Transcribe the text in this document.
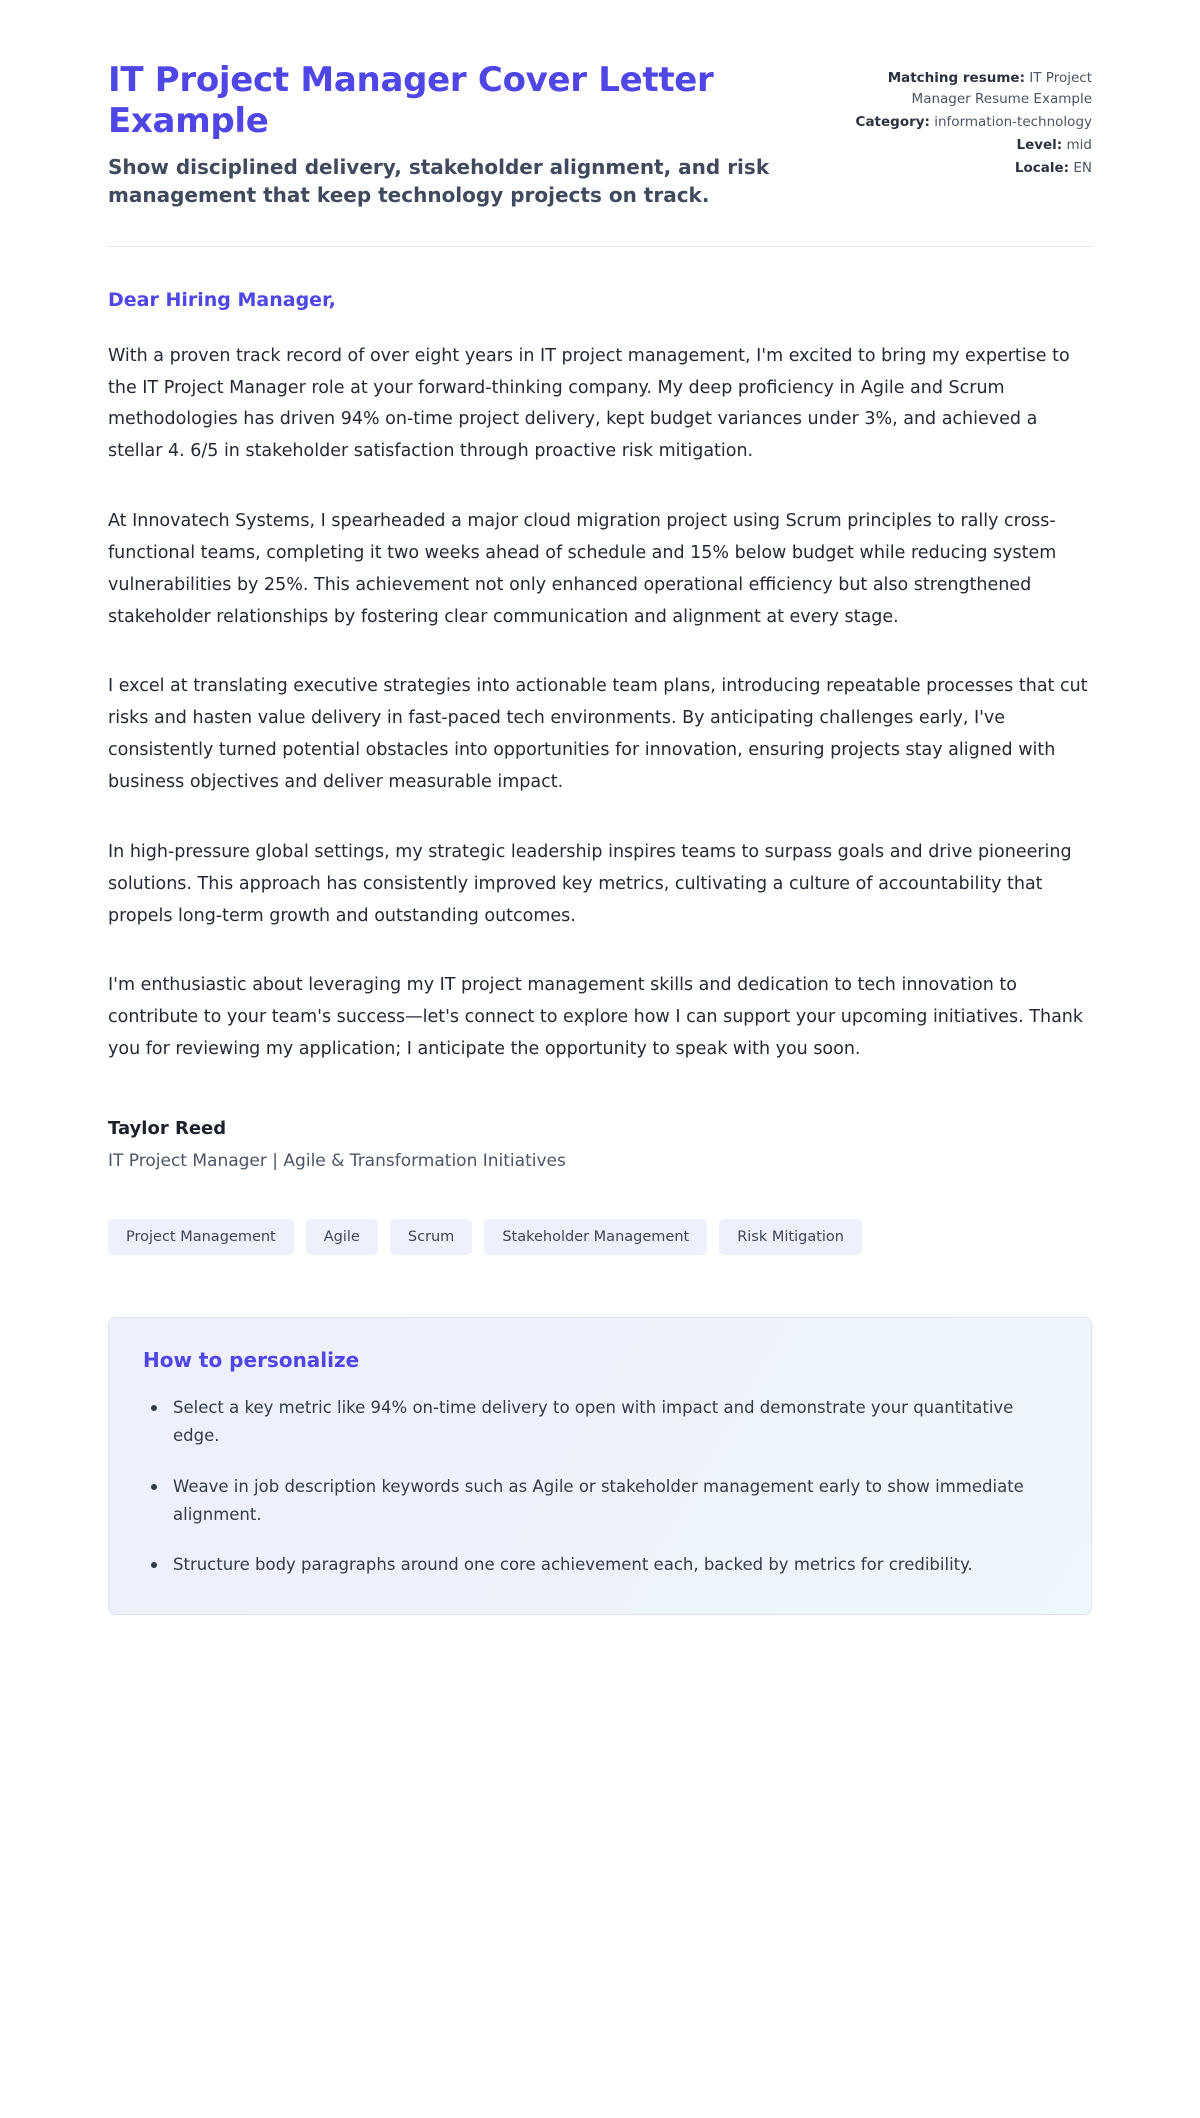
IT Project Manager Cover Letter Example

Show disciplined delivery, stakeholder alignment, and risk management that keep technology projects on track.

Matching resume: IT Project Manager Resume Example
Category: information-technology
Level: mid
Locale: EN

Dear Hiring Manager,

With a proven track record of over eight years in IT project management, I'm excited to bring my expertise to the IT Project Manager role at your forward-thinking company. My deep proficiency in Agile and Scrum methodologies has driven 94% on-time project delivery, kept budget variances under 3%, and achieved a stellar 4. 6/5 in stakeholder satisfaction through proactive risk mitigation.

At Innovatech Systems, I spearheaded a major cloud migration project using Scrum principles to rally cross-functional teams, completing it two weeks ahead of schedule and 15% below budget while reducing system vulnerabilities by 25%. This achievement not only enhanced operational efficiency but also strengthened stakeholder relationships by fostering clear communication and alignment at every stage.

I excel at translating executive strategies into actionable team plans, introducing repeatable processes that cut risks and hasten value delivery in fast-paced tech environments. By anticipating challenges early, I've consistently turned potential obstacles into opportunities for innovation, ensuring projects stay aligned with business objectives and deliver measurable impact.

In high-pressure global settings, my strategic leadership inspires teams to surpass goals and drive pioneering solutions. This approach has consistently improved key metrics, cultivating a culture of accountability that propels long-term growth and outstanding outcomes.

I'm enthusiastic about leveraging my IT project management skills and dedication to tech innovation to contribute to your team's success—let's connect to explore how I can support your upcoming initiatives. Thank you for reviewing my application; I anticipate the opportunity to speak with you soon.

Taylor Reed

IT Project Manager | Agile & Transformation Initiatives

Project Management	Agile	Scrum	Stakeholder Management	Risk Mitigation
How to personalize
Select a key metric like 94% on-time delivery to open with impact and demonstrate your quantitative edge.
Weave in job description keywords such as Agile or stakeholder management early to show immediate alignment.
Structure body paragraphs around one core achievement each, backed by metrics for credibility.
